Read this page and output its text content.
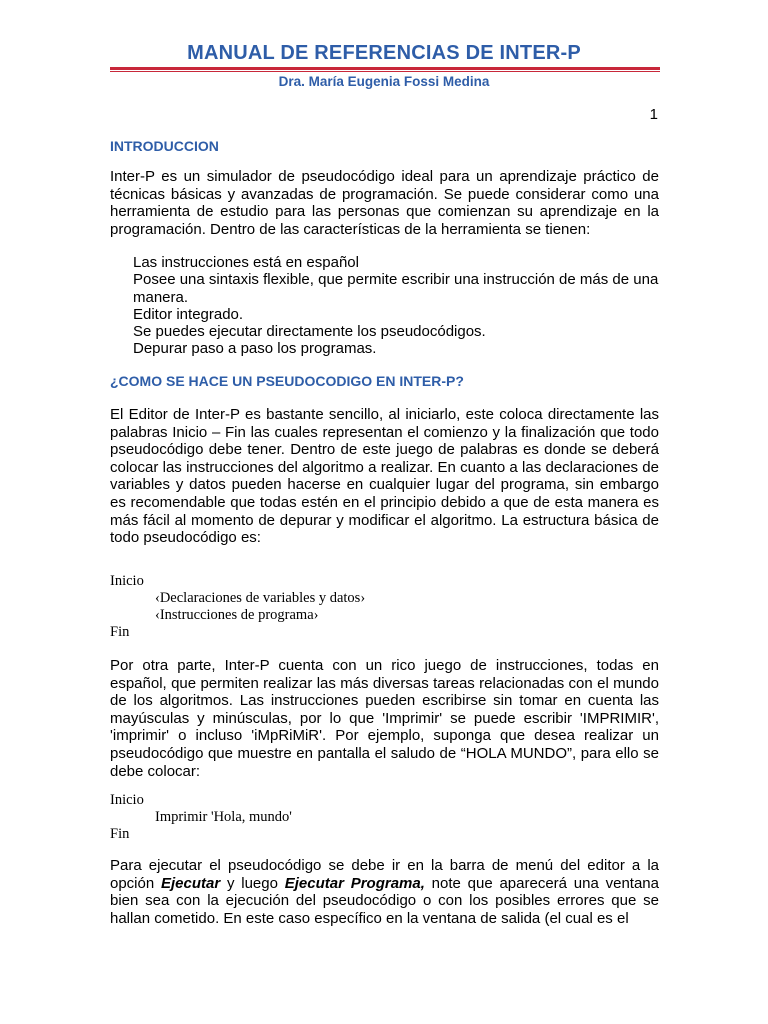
MANUAL DE REFERENCIAS DE INTER-P
Dra. María Eugenia Fossi Medina
1
INTRODUCCION
Inter-P es un simulador de pseudocódigo ideal para un aprendizaje práctico de técnicas básicas y avanzadas de programación. Se puede considerar como una herramienta de estudio para las personas que comienzan su aprendizaje en la programación. Dentro de las características de la herramienta se tienen:
Las instrucciones está en español
Posee una sintaxis flexible, que permite escribir una instrucción de más de una manera.
Editor integrado.
Se puedes ejecutar directamente los pseudocódigos.
Depurar paso a paso los programas.
¿COMO SE HACE UN PSEUDOCODIGO EN INTER-P?
El Editor de Inter-P es bastante sencillo, al iniciarlo, este coloca directamente las palabras Inicio – Fin las cuales representan el comienzo y la finalización que todo pseudocódigo debe tener. Dentro de este juego de palabras es donde se deberá colocar las instrucciones del algoritmo a realizar. En cuanto a las declaraciones de variables y datos pueden hacerse en cualquier lugar del programa, sin embargo es recomendable que todas estén en el principio debido a que de esta manera es más fácil al momento de depurar y modificar el algoritmo. La estructura básica de todo pseudocódigo es:
Inicio
‹Declaraciones de variables y datos›
‹Instrucciones de programa›
Fin
Por otra parte, Inter-P cuenta con un rico juego de instrucciones, todas en español, que permiten realizar las más diversas tareas relacionadas con el mundo de los algoritmos. Las instrucciones pueden escribirse sin tomar en cuenta las mayúsculas y minúsculas, por lo que 'Imprimir' se puede escribir 'IMPRIMIR', 'imprimir' o incluso 'iMpRiMiR'. Por ejemplo, suponga que desea realizar un pseudocódigo que muestre en pantalla el saludo de “HOLA MUNDO”, para ello se debe colocar:
Inicio
Imprimir 'Hola, mundo'
Fin
Para ejecutar el pseudocódigo se debe ir en la barra de menú del editor a la opción Ejecutar y luego Ejecutar Programa, note que aparecerá una ventana bien sea con la ejecución del pseudocódigo o con los posibles errores que se hallan cometido. En este caso específico en la ventana de salida (el cual es el
